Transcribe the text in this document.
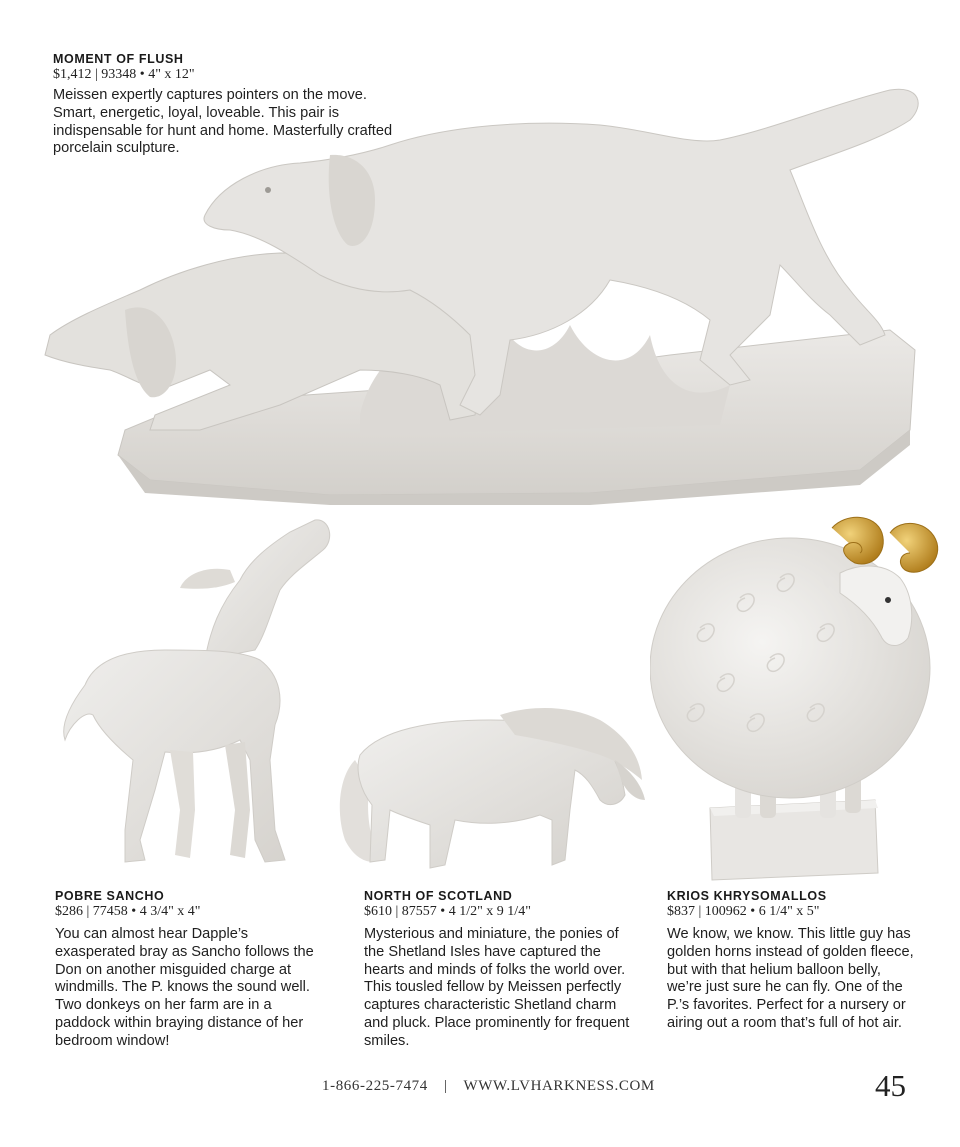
MOMENT OF FLUSH
$1,412 | 93348 • 4" x 12"
Meissen expertly captures pointers on the move. Smart, energetic, loyal, loveable. This pair is indispensable for hunt and home. Masterfully crafted porcelain sculpture.
POBRE SANCHO
$286 | 77458 • 4 3/4" x 4"
You can almost hear Dapple’s exasperated bray as Sancho follows the Don on another misguided charge at windmills. The P. knows the sound well. Two donkeys on her farm are in a paddock within braying distance of her bedroom window!
NORTH OF SCOTLAND
$610 | 87557 • 4 1/2" x 9 1/4"
Mysterious and miniature, the ponies of the Shetland Isles have captured the hearts and minds of folks the world over. This tousled fellow by Meissen perfectly captures characteristic Shetland charm and pluck. Place prominently for frequent smiles.
KRIOS KHRYSOMALLOS
$837 | 100962 • 6 1/4" x 5"
We know, we know. This little guy has golden horns instead of golden fleece, but with that helium balloon belly, we’re just sure he can fly. One of the P.’s favorites. Perfect for a nursery or airing out a room that’s full of hot air.
1-866-225-7474 | WWW.LVHARKNESS.COM	45
